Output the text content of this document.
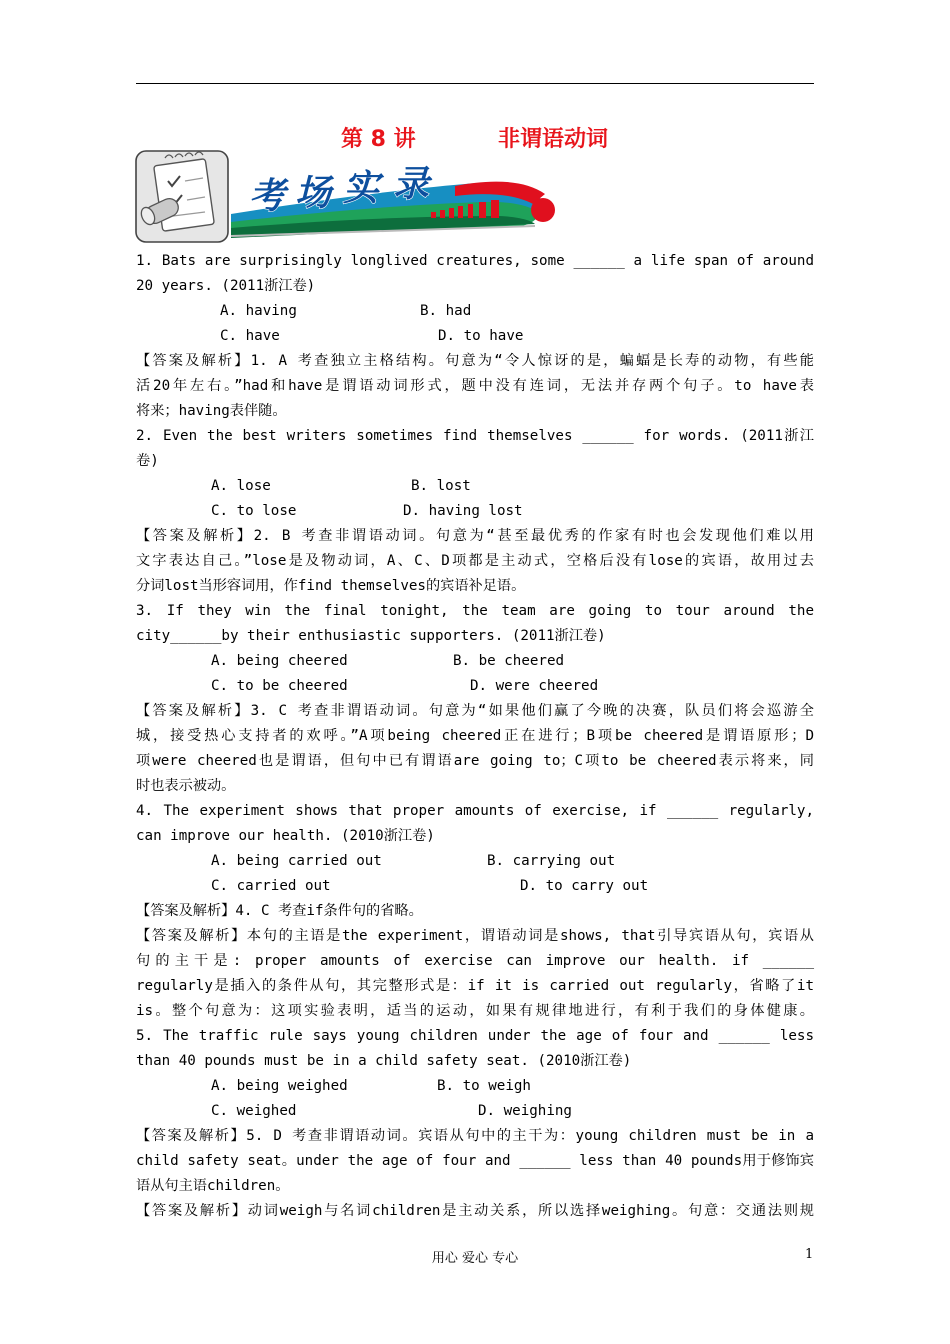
第 8 讲	非谓语动词
考 场 实 录
1. Bats are surprisingly longlived creatures, some ______ a life span of around
20 years. (2011浙江卷)
A. having	B. had
C. have	D. to have
【答案及解析】1. A 考查独立主格结构。句意为“令人惊讶的是，蝙蝠是长寿的动物，有些能
活20年左右。”had和have是谓语动词形式，题中没有连词，无法并存两个句子。to have表
将来；having表伴随。
2. Even the best writers sometimes find themselves ______ for words. (2011浙江
卷)
A. lose	B. lost
C. to lose	D. having lost
【答案及解析】2. B 考查非谓语动词。句意为“甚至最优秀的作家有时也会发现他们难以用
文字表达自己。”lose是及物动词，A、C、D项都是主动式，空格后没有lose的宾语，故用过去
分词lost当形容词用，作find themselves的宾语补足语。
3. If they win the final tonight, the team are going to tour around the
city______by their enthusiastic supporters. (2011浙江卷)
A. being cheered	B. be cheered
C. to be cheered	D. were cheered
【答案及解析】3. C 考查非谓语动词。句意为“如果他们赢了今晚的决赛，队员们将会巡游全
城，接受热心支持者的欢呼。”A项being cheered正在进行；B项be cheered是谓语原形；D
项were cheered也是谓语，但句中已有谓语are going to；C项to be cheered表示将来，同
时也表示被动。
4. The experiment shows that proper amounts of exercise, if ______ regularly,
can improve our health. (2010浙江卷)
A. being carried out	B. carrying out
C. carried out	D. to carry out
【答案及解析】4. C 考查if条件句的省略。
【答案及解析】本句的主语是the experiment，谓语动词是shows, that引导宾语从句，宾语从
句的主干是: proper amounts of exercise can improve our health. if ______
regularly是插入的条件从句，其完整形式是：if it is carried out regularly，省略了it
is。整个句意为：这项实验表明，适当的运动，如果有规律地进行，有利于我们的身体健康。
5. The traffic rule says young children under the age of four and ______ less
than 40 pounds must be in a child safety seat. (2010浙江卷)
A. being weighed	B. to weigh
C. weighed	D. weighing
【答案及解析】5. D 考查非谓语动词。宾语从句中的主干为：young children must be in a
child safety seat。under the age of four and ______ less than 40 pounds用于修饰宾
语从句主语children。
【答案及解析】动词weigh与名词children是主动关系，所以选择weighing。句意：交通法则规
用心 爱心 专心	1
